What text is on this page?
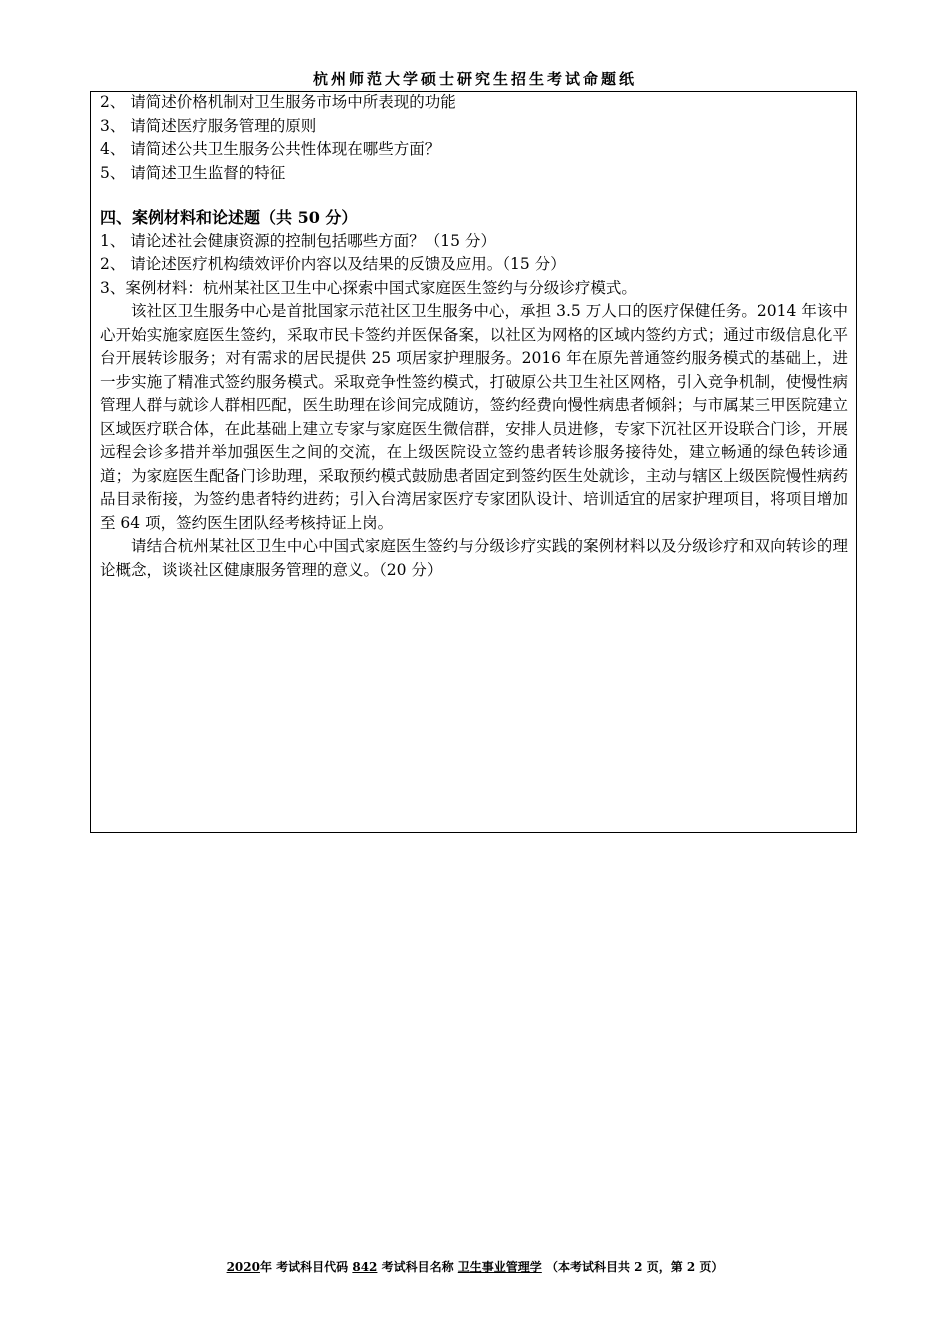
杭州师范大学硕士研究生招生考试命题纸
2、 请简述价格机制对卫生服务市场中所表现的功能
3、 请简述医疗服务管理的原则
4、 请简述公共卫生服务公共性体现在哪些方面？
5、 请简述卫生监督的特征
四、案例材料和论述题（共 50 分）
1、 请论述社会健康资源的控制包括哪些方面？（15 分）
2、 请论述医疗机构绩效评价内容以及结果的反馈及应用。（15 分）
3、案例材料：杭州某社区卫生中心探索中国式家庭医生签约与分级诊疗模式。
该社区卫生服务中心是首批国家示范社区卫生服务中心，承担 3.5 万人口的医疗保健任务。2014 年该中心开始实施家庭医生签约，采取市民卡签约并医保备案，以社区为网格的区域内签约方式；通过市级信息化平台开展转诊服务；对有需求的居民提供 25 项居家护理服务。2016 年在原先普通签约服务模式的基础上，进一步实施了精准式签约服务模式。采取竞争性签约模式，打破原公共卫生社区网格，引入竞争机制，使慢性病管理人群与就诊人群相匹配，医生助理在诊间完成随访，签约经费向慢性病患者倾斜；与市属某三甲医院建立区域医疗联合体，在此基础上建立专家与家庭医生微信群，安排人员进修，专家下沉社区开设联合门诊，开展远程会诊多措并举加强医生之间的交流，在上级医院设立签约患者转诊服务接待处，建立畅通的绿色转诊通道；为家庭医生配备门诊助理，采取预约模式鼓励患者固定到签约医生处就诊，主动与辖区上级医院慢性病药品目录衔接，为签约患者特约进药；引入台湾居家医疗专家团队设计、培训适宜的居家护理项目，将项目增加至 64 项，签约医生团队经考核持证上岗。
请结合杭州某社区卫生中心中国式家庭医生签约与分级诊疗实践的案例材料以及分级诊疗和双向转诊的理论概念，谈谈社区健康服务管理的意义。（20 分）
2020年 考试科目代码 842 考试科目名称 卫生事业管理学 （本考试科目共 2 页，第 2 页）
